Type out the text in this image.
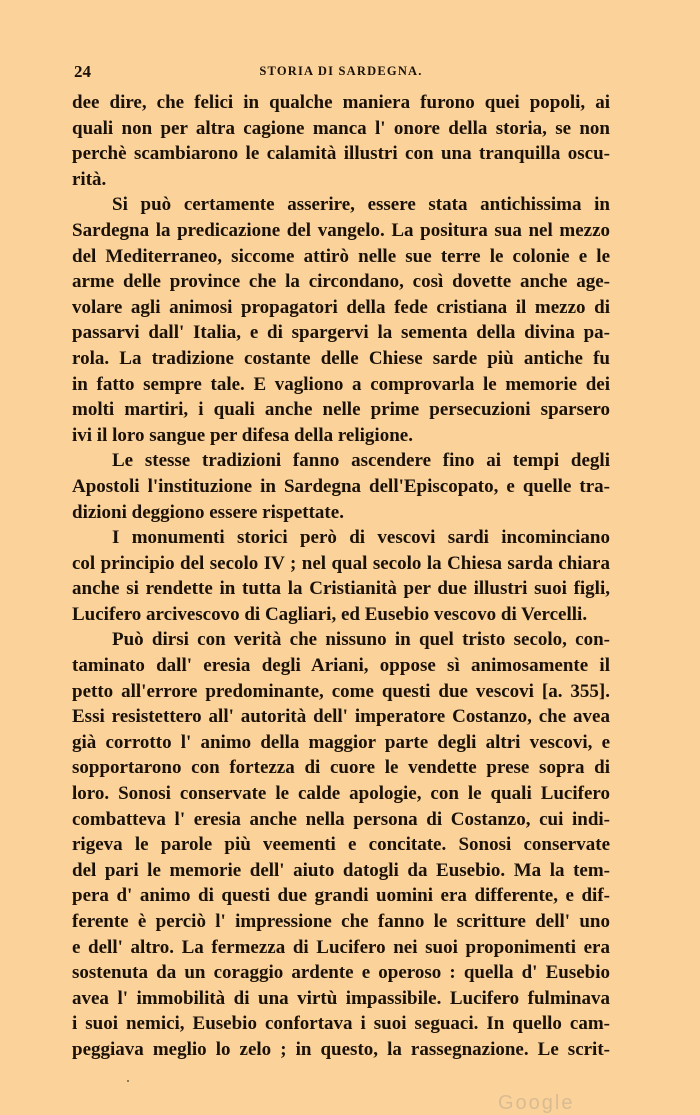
24	STORIA DI SARDEGNA.

dee dire, che felici in qualche maniera furono quei popoli, ai
quali non per altra cagione manca l' onore della storia, se non
perchè scambiarono le calamità illustri con una tranquilla oscu-
rità.

Si può certamente asserire, essere stata antichissima in
Sardegna la predicazione del vangelo. La positura sua nel mezzo
del Mediterraneo, siccome attirò nelle sue terre le colonie e le
arme delle province che la circondano, così dovette anche age-
volare agli animosi propagatori della fede cristiana il mezzo di
passarvi dall' Italia, e di spargervi la sementa della divina pa-
rola. La tradizione costante delle Chiese sarde più antiche fu
in fatto sempre tale. E vagliono a comprovarla le memorie dei
molti martiri, i quali anche nelle prime persecuzioni sparsero
ivi il loro sangue per difesa della religione.

Le stesse tradizioni fanno ascendere fino ai tempi degli
Apostoli l'instituzione in Sardegna dell'Episcopato, e quelle tra-
dizioni deggiono essere rispettate.

I monumenti storici però di vescovi sardi incominciano
col principio del secolo IV ; nel qual secolo la Chiesa sarda chiara
anche si rendette in tutta la Cristianità per due illustri suoi figli,
Lucifero arcivescovo di Cagliari, ed Eusebio vescovo di Vercelli.

Può dirsi con verità che nissuno in quel tristo secolo, con-
taminato dall' eresia degli Ariani, oppose sì animosamente il
petto all'errore predominante, come questi due vescovi [a. 355].
Essi resistettero all' autorità dell' imperatore Costanzo, che avea
già corrotto l' animo della maggior parte degli altri vescovi, e
sopportarono con fortezza di cuore le vendette prese sopra di
loro. Sonosi conservate le calde apologie, con le quali Lucifero
combatteva l' eresia anche nella persona di Costanzo, cui indi-
rigeva le parole più veementi e concitate. Sonosi conservate
del pari le memorie dell' aiuto datogli da Eusebio. Ma la tem-
pera d' animo di questi due grandi uomini era differente, e dif-
ferente è perciò l' impressione che fanno le scritture dell' uno
e dell' altro. La fermezza di Lucifero nei suoi proponimenti era
sostenuta da un coraggio ardente e operoso : quella d' Eusebio
avea l' immobilità di una virtù impassibile. Lucifero fulminava
i suoi nemici, Eusebio confortava i suoi seguaci. In quello cam-
peggiava meglio lo zelo ; in questo, la rassegnazione. Le scrit-

Google
